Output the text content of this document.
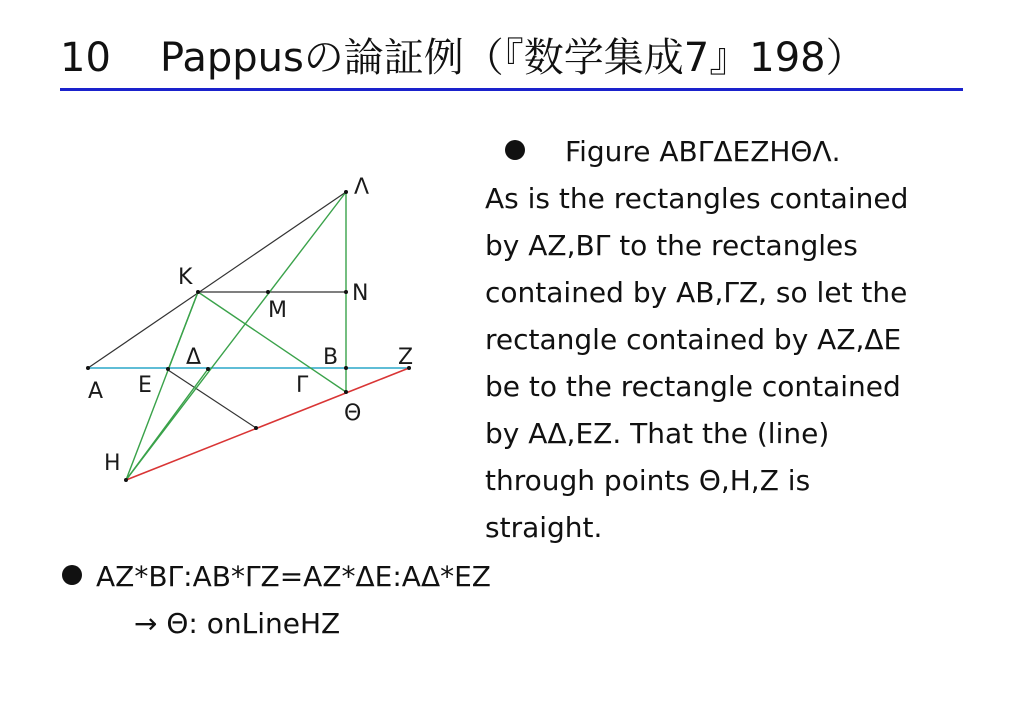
10	Pappusの論証例（『数学集成7』198）
A E
Δ	B
Γ
Z
Θ
H
K
M
N
Λ

Figure ABΓΔEZHΘΛ.

As is the rectangles contained

by AZ,BΓ to the rectangles

contained by AB,ΓZ, so let the

rectangle contained by AZ,ΔE

be to the rectangle contained

by AΔ,EZ. That the (line)

through points Θ,H,Z is

straight.

AZ*BΓ:AB*ΓZ=AZ*ΔE:AΔ*EZ
→ Θ: onLineHZ
